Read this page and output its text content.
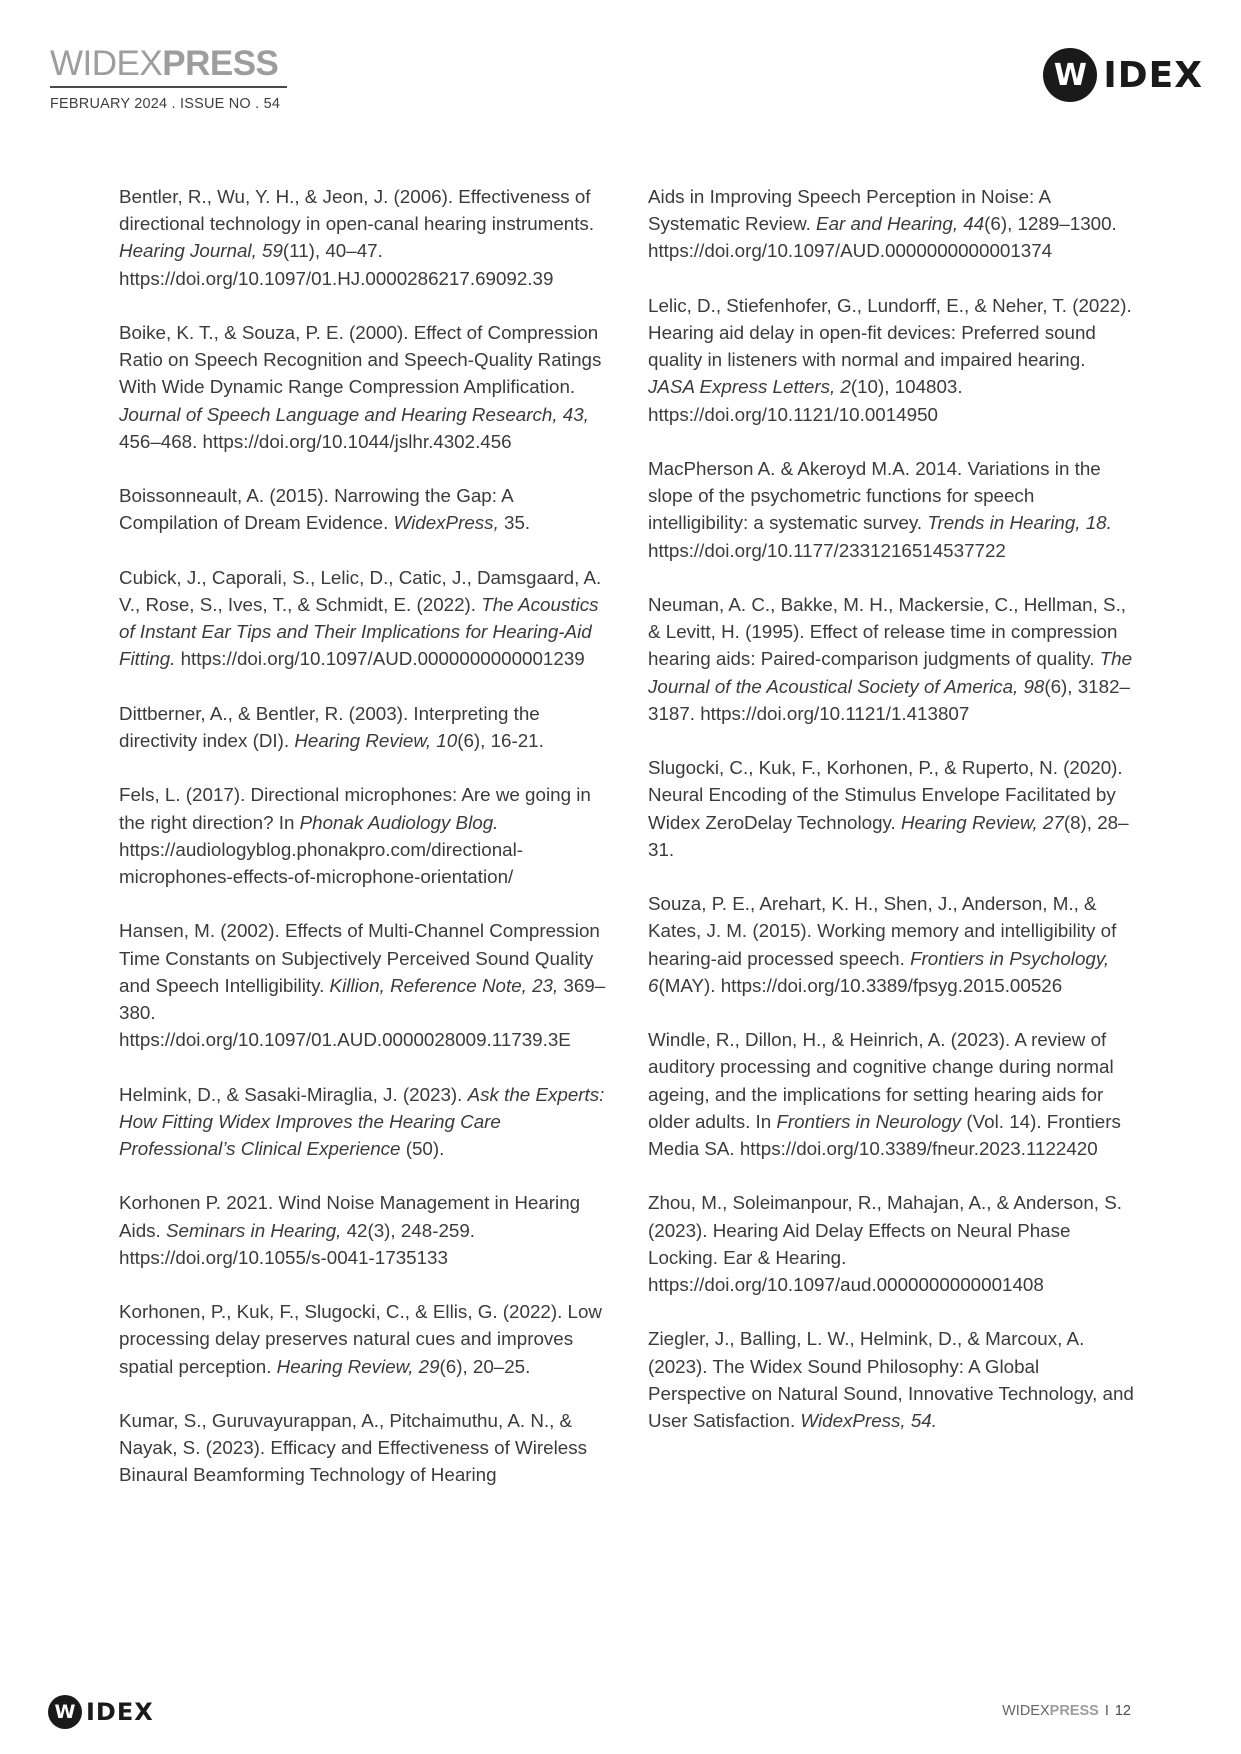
WIDEXPRESS
FEBRUARY 2024 . ISSUE NO . 54
W IDEX

Bentler, R., Wu, Y. H., & Jeon, J. (2006). Effectiveness of directional technology in open-canal hearing instruments. Hearing Journal, 59(11), 40–47. https://doi.org/10.1097/01.HJ.0000286217.69092.39

Boike, K. T., & Souza, P. E. (2000). Effect of Compression Ratio on Speech Recognition and Speech-Quality Ratings With Wide Dynamic Range Compression Amplification. Journal of Speech Language and Hearing Research, 43, 456–468. https://doi.org/10.1044/jslhr.4302.456

Boissonneault, A. (2015). Narrowing the Gap: A Compilation of Dream Evidence. WidexPress, 35.

Cubick, J., Caporali, S., Lelic, D., Catic, J., Damsgaard, A. V., Rose, S., Ives, T., & Schmidt, E. (2022). The Acoustics of Instant Ear Tips and Their Implications for Hearing-Aid Fitting. https://doi.org/10.1097/AUD.0000000000001239

Dittberner, A., & Bentler, R. (2003). Interpreting the directivity index (DI). Hearing Review, 10(6), 16-21.

Fels, L. (2017). Directional microphones: Are we going in the right direction? In Phonak Audiology Blog. https://audiologyblog.phonakpro.com/directional-microphones-effects-of-microphone-orientation/

Hansen, M. (2002). Effects of Multi-Channel Compression Time Constants on Subjectively Perceived Sound Quality and Speech Intelligibility. Killion, Reference Note, 23, 369–380. https://doi.org/10.1097/01.AUD.0000028009.11739.3E

Helmink, D., & Sasaki-Miraglia, J. (2023). Ask the Experts: How Fitting Widex Improves the Hearing Care Professional’s Clinical Experience (50).

Korhonen P. 2021. Wind Noise Management in Hearing Aids. Seminars in Hearing, 42(3), 248-259. https://doi.org/10.1055/s-0041-1735133

Korhonen, P., Kuk, F., Slugocki, C., & Ellis, G. (2022). Low processing delay preserves natural cues and improves spatial perception. Hearing Review, 29(6), 20–25.

Kumar, S., Guruvayurappan, A., Pitchaimuthu, A. N., & Nayak, S. (2023). Efficacy and Effectiveness of Wireless Binaural Beamforming Technology of Hearing

Aids in Improving Speech Perception in Noise: A Systematic Review. Ear and Hearing, 44(6), 1289–1300. https://doi.org/10.1097/AUD.0000000000001374

Lelic, D., Stiefenhofer, G., Lundorff, E., & Neher, T. (2022). Hearing aid delay in open-fit devices: Preferred sound quality in listeners with normal and impaired hearing. JASA Express Letters, 2(10), 104803. https://doi.org/10.1121/10.0014950

MacPherson A. & Akeroyd M.A. 2014. Variations in the slope of the psychometric functions for speech intelligibility: a systematic survey. Trends in Hearing, 18. https://doi.org/10.1177/2331216514537722

Neuman, A. C., Bakke, M. H., Mackersie, C., Hellman, S., & Levitt, H. (1995). Effect of release time in compression hearing aids: Paired-comparison judgments of quality. The Journal of the Acoustical Society of America, 98(6), 3182–3187. https://doi.org/10.1121/1.413807

Slugocki, C., Kuk, F., Korhonen, P., & Ruperto, N. (2020). Neural Encoding of the Stimulus Envelope Facilitated by Widex ZeroDelay Technology. Hearing Review, 27(8), 28–31.

Souza, P. E., Arehart, K. H., Shen, J., Anderson, M., & Kates, J. M. (2015). Working memory and intelligibility of hearing-aid processed speech. Frontiers in Psychology, 6(MAY). https://doi.org/10.3389/fpsyg.2015.00526

Windle, R., Dillon, H., & Heinrich, A. (2023). A review of auditory processing and cognitive change during normal ageing, and the implications for setting hearing aids for older adults. In Frontiers in Neurology (Vol. 14). Frontiers Media SA. https://doi.org/10.3389/fneur.2023.1122420

Zhou, M., Soleimanpour, R., Mahajan, A., & Anderson, S. (2023). Hearing Aid Delay Effects on Neural Phase Locking. Ear & Hearing. https://doi.org/10.1097/aud.0000000000001408

Ziegler, J., Balling, L. W., Helmink, D., & Marcoux, A. (2023). The Widex Sound Philosophy: A Global Perspective on Natural Sound, Innovative Technology, and User Satisfaction. WidexPress, 54.

W IDEX	WIDEXPRESS I 12
